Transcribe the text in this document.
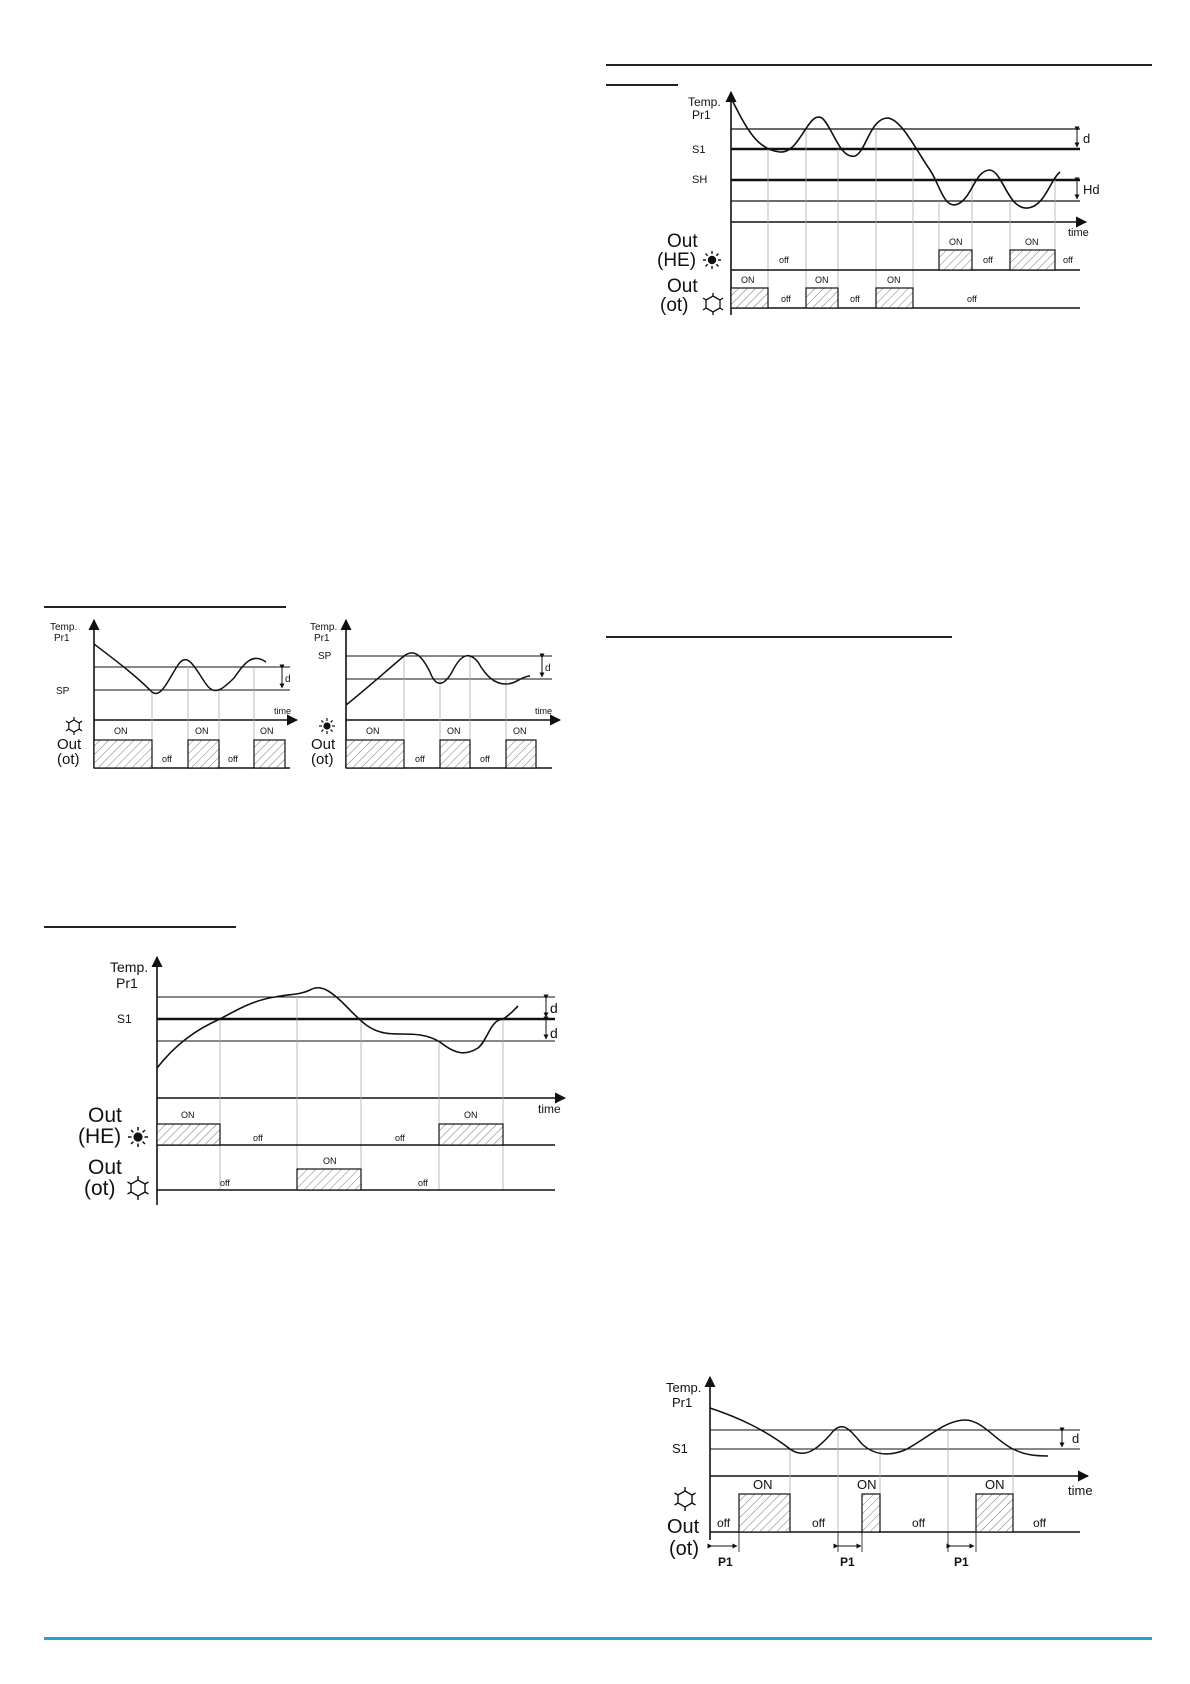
Temp.
Pr1
S1
SH
d
Hd
time
Out
(HE)
Out
(ot)
ON	ON
off	off	off
ON	ON	ON
off	off	off
Temp.
Pr1
SP
d
time
Out
(ot)
ON	ON	ON
off	off
Temp.
Pr1
SP
d
time
Out
(ot)
ON	ON	ON
off	off
Temp.
Pr1
S1
d
d
time
Out
(HE)
Out
(ot)
ON	ON
off	off
ON
off	off
Temp.
Pr1
S1
d
time
Out
(ot)
ON	ON	ON
off	off	off	off
P1	P1	P1
